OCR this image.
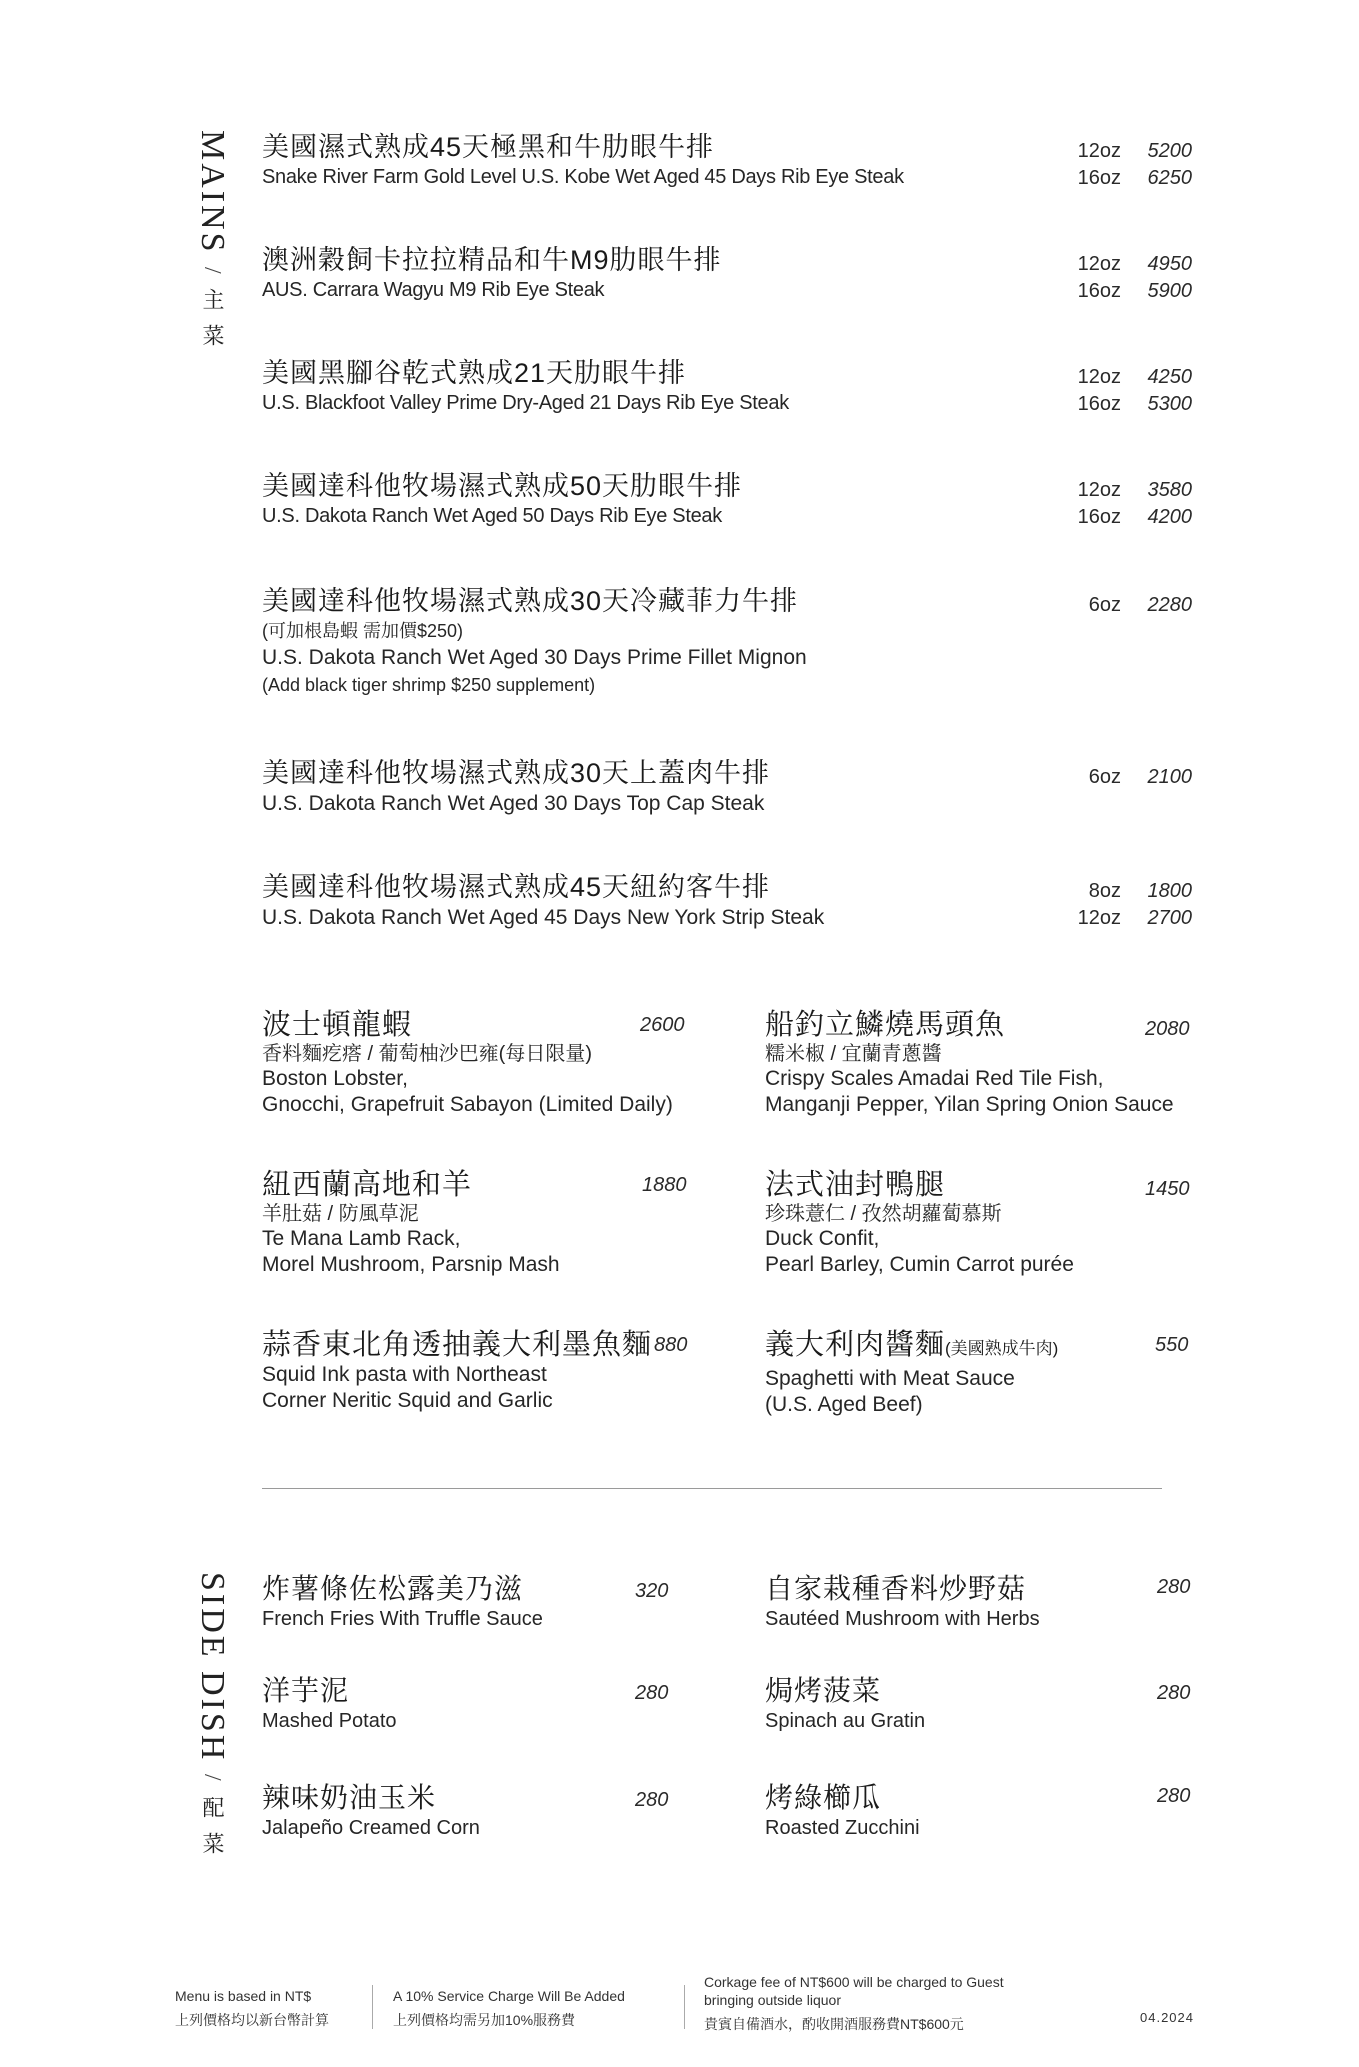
MAINS/主菜
美國濕式熟成45天極黑和牛肋眼牛排
Snake River Farm Gold Level U.S. Kobe Wet Aged 45 Days Rib Eye Steak
12oz	5200
16oz	6250
澳洲穀飼卡拉拉精品和牛M9肋眼牛排
AUS. Carrara Wagyu M9 Rib Eye Steak
12oz	4950
16oz	5900
美國黑腳谷乾式熟成21天肋眼牛排
U.S. Blackfoot Valley Prime Dry-Aged 21 Days Rib Eye Steak
12oz	4250
16oz	5300
美國達科他牧場濕式熟成50天肋眼牛排
U.S. Dakota Ranch Wet Aged 50 Days Rib Eye Steak
12oz	3580
16oz	4200
美國達科他牧場濕式熟成30天冷藏菲力牛排
(可加根島蝦 需加價$250)
U.S. Dakota Ranch Wet Aged 30 Days Prime Fillet Mignon
(Add black tiger shrimp $250 supplement)
6oz	2280
美國達科他牧場濕式熟成30天上蓋肉牛排
U.S. Dakota Ranch Wet Aged 30 Days Top Cap Steak
6oz	2100
美國達科他牧場濕式熟成45天紐約客牛排
U.S. Dakota Ranch Wet Aged 45 Days New York Strip Steak
8oz	1800
12oz	2700
波士頓龍蝦
香料麵疙瘩 / 葡萄柚沙巴雍(每日限量)
Boston Lobster,
Gnocchi, Grapefruit Sabayon (Limited Daily)
2600	船釣立鱗燒馬頭魚
糯米椒 / 宜蘭青蔥醬
Crispy Scales Amadai Red Tile Fish,
Manganji Pepper, Yilan Spring Onion Sauce
2080
紐西蘭高地和羊
羊肚菇 / 防風草泥
Te Mana Lamb Rack,
Morel Mushroom, Parsnip Mash
1880	法式油封鴨腿
珍珠薏仁 / 孜然胡蘿蔔慕斯
Duck Confit,
Pearl Barley, Cumin Carrot purée
1450
蒜香東北角透抽義大利墨魚麵
Squid Ink pasta with Northeast
Corner Neritic Squid and Garlic
880	義大利肉醬麵(美國熟成牛肉)
Spaghetti with Meat Sauce
(U.S. Aged Beef)
550
SIDE DISH/配菜
炸薯條佐松露美乃滋
French Fries With Truffle Sauce
320	自家栽種香料炒野菇
Sautéed Mushroom with Herbs
280
洋芋泥
Mashed Potato
280	焗烤菠菜
Spinach au Gratin
280
辣味奶油玉米
Jalapeño Creamed Corn
280	烤綠櫛瓜
Roasted Zucchini
280
Menu is based in NT$
上列價格均以新台幣計算
A 10% Service Charge Will Be Added
上列價格均需另加10%服務費
Corkage fee of NT$600 will be charged to Guest
bringing outside liquor
貴賓自備酒水，酌收開酒服務費NT$600元	04.2024
